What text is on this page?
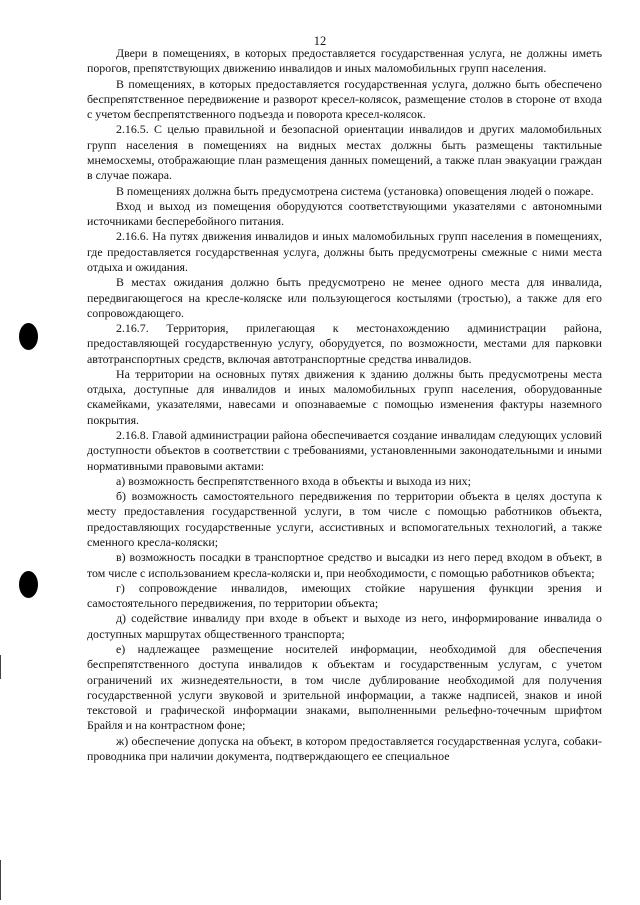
12

Двери в помещениях, в которых предоставляется государственная услуга, не должны иметь порогов, препятствующих движению инвалидов и иных маломобильных групп населения.

В помещениях, в которых предоставляется государственная услуга, должно быть обеспечено беспрепятственное передвижение и разворот кресел-колясок, размещение столов в стороне от входа с учетом беспрепятственного подъезда и поворота кресел-колясок.

2.16.5. С целью правильной и безопасной ориентации инвалидов и других маломобильных групп населения в помещениях на видных местах должны быть размещены тактильные мнемосхемы, отображающие план размещения данных помещений, а также план эвакуации граждан в случае пожара.

В помещениях должна быть предусмотрена система (установка) оповещения людей о пожаре.

Вход и выход из помещения оборудуются соответствующими указателями с автономными источниками бесперебойного питания.

2.16.6. На путях движения инвалидов и иных маломобильных групп населения в помещениях, где предоставляется государственная услуга, должны быть предусмотрены смежные с ними места отдыха и ожидания.

В местах ожидания должно быть предусмотрено не менее одного места для инвалида, передвигающегося на кресле-коляске или пользующегося костылями (тростью), а также для его сопровождающего.

2.16.7. Территория, прилегающая к местонахождению администрации района, предоставляющей государственную услугу, оборудуется, по возможности, местами для парковки автотранспортных средств, включая автотранспортные средства инвалидов.

На территории на основных путях движения к зданию должны быть предусмотрены места отдыха, доступные для инвалидов и иных маломобильных групп населения, оборудованные скамейками, указателями, навесами и опознаваемые с помощью изменения фактуры наземного покрытия.

2.16.8. Главой администрации района обеспечивается создание инвалидам следующих условий доступности объектов в соответствии с требованиями, установленными законодательными и иными нормативными правовыми актами:

а) возможность беспрепятственного входа в объекты и выхода из них;

б) возможность самостоятельного передвижения по территории объекта в целях доступа к месту предоставления государственной услуги, в том числе с помощью работников объекта, предоставляющих государственные услуги, ассистивных и вспомогательных технологий, а также сменного кресла-коляски;

в) возможность посадки в транспортное средство и высадки из него перед входом в объект, в том числе с использованием кресла-коляски и, при необходимости, с помощью работников объекта;

г) сопровождение инвалидов, имеющих стойкие нарушения функции зрения и самостоятельного передвижения, по территории объекта;

д) содействие инвалиду при входе в объект и выходе из него, информирование инвалида о доступных маршрутах общественного транспорта;

е) надлежащее размещение носителей информации, необходимой для обеспечения беспрепятственного доступа инвалидов к объектам и государственным услугам, с учетом ограничений их жизнедеятельности, в том числе дублирование необходимой для получения государственной услуги звуковой и зрительной информации, а также надписей, знаков и иной текстовой и графической информации знаками, выполненными рельефно-точечным шрифтом Брайля и на контрастном фоне;

ж) обеспечение допуска на объект, в котором предоставляется государственная услуга, собаки-проводника при наличии документа, подтверждающего ее специальное
